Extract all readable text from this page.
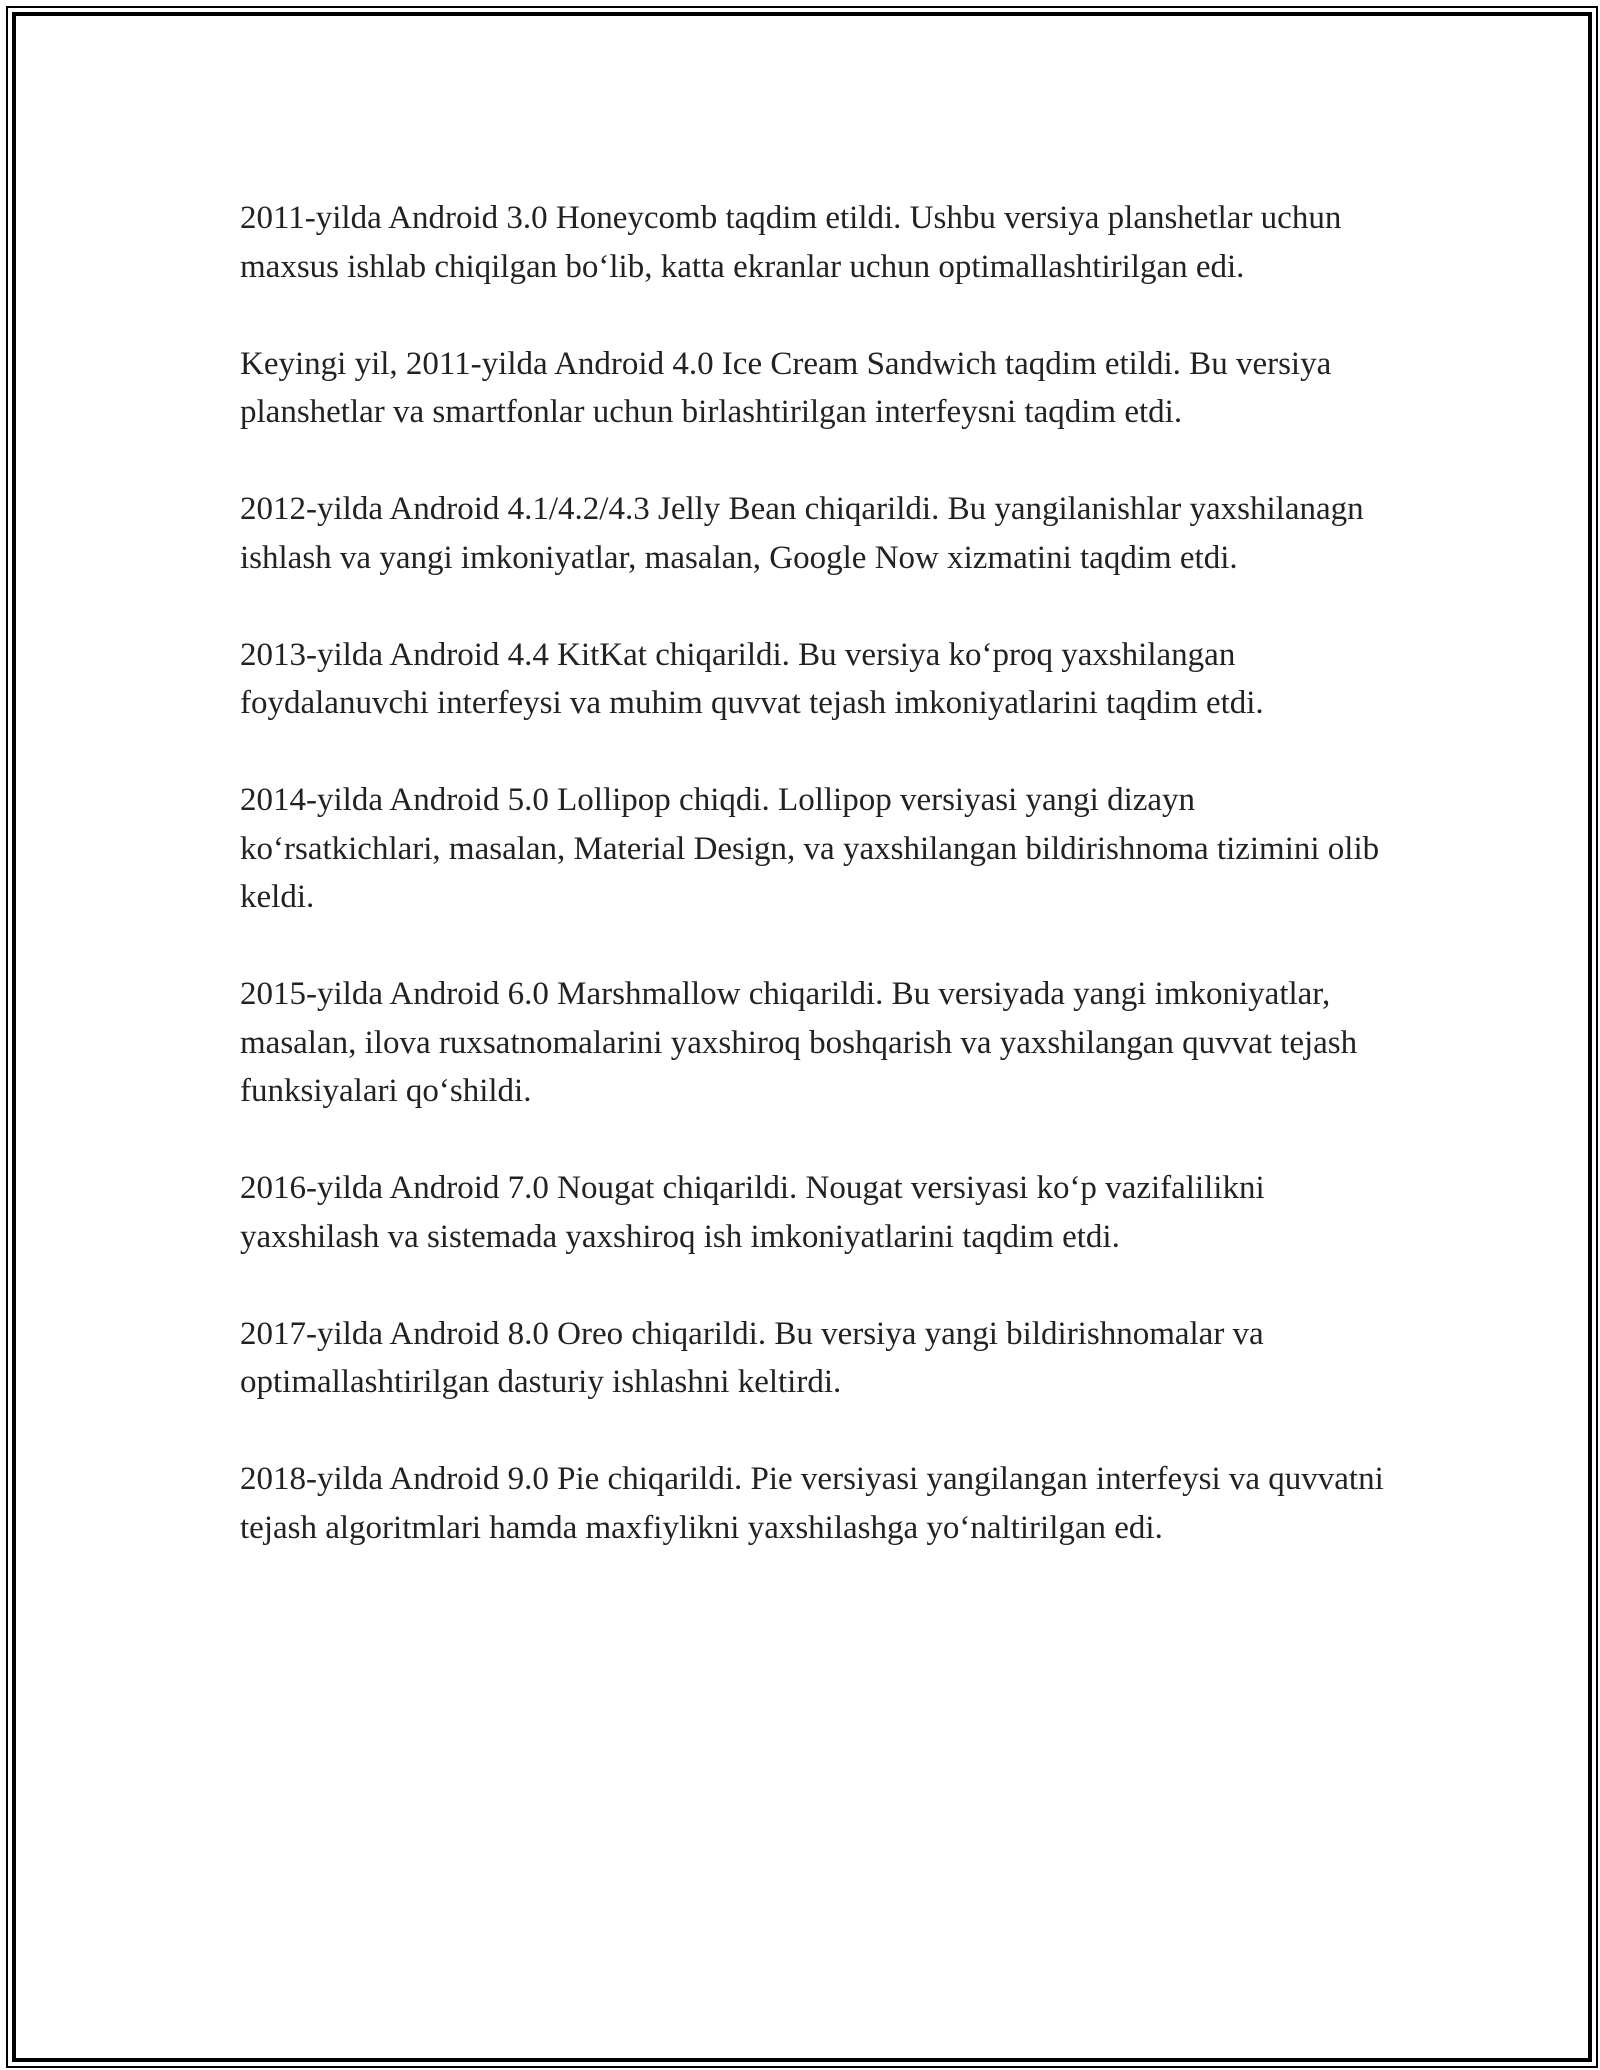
2011-yilda Android 3.0 Honeycomb taqdim etildi. Ushbu versiya planshetlar uchun maxsus ishlab chiqilgan bo‘lib, katta ekranlar uchun optimallashtirilgan edi.

Keyingi yil, 2011-yilda Android 4.0 Ice Cream Sandwich taqdim etildi. Bu versiya planshetlar va smartfonlar uchun birlashtirilgan interfeysni taqdim etdi.

2012-yilda Android 4.1/4.2/4.3 Jelly Bean chiqarildi. Bu yangilanishlar yaxshilanagn ishlash va yangi imkoniyatlar, masalan, Google Now xizmatini taqdim etdi.

2013-yilda Android 4.4 KitKat chiqarildi. Bu versiya ko‘proq yaxshilangan foydalanuvchi interfeysi va muhim quvvat tejash imkoniyatlarini taqdim etdi.

2014-yilda Android 5.0 Lollipop chiqdi. Lollipop versiyasi yangi dizayn ko‘rsatkichlari, masalan, Material Design, va yaxshilangan bildirishnoma tizimini olib keldi.

2015-yilda Android 6.0 Marshmallow chiqarildi. Bu versiyada yangi imkoniyatlar, masalan, ilova ruxsatnomalarini yaxshiroq boshqarish va yaxshilangan quvvat tejash funksiyalari qo‘shildi.

2016-yilda Android 7.0 Nougat chiqarildi. Nougat versiyasi ko‘p vazifalilikni yaxshilash va sistemada yaxshiroq ish imkoniyatlarini taqdim etdi.

2017-yilda Android 8.0 Oreo chiqarildi. Bu versiya yangi bildirishnomalar va optimallashtirilgan dasturiy ishlashni keltirdi.

2018-yilda Android 9.0 Pie chiqarildi. Pie versiyasi yangilangan interfeysi va quvvatni tejash algoritmlari hamda maxfiylikni yaxshilashga yo‘naltirilgan edi.
